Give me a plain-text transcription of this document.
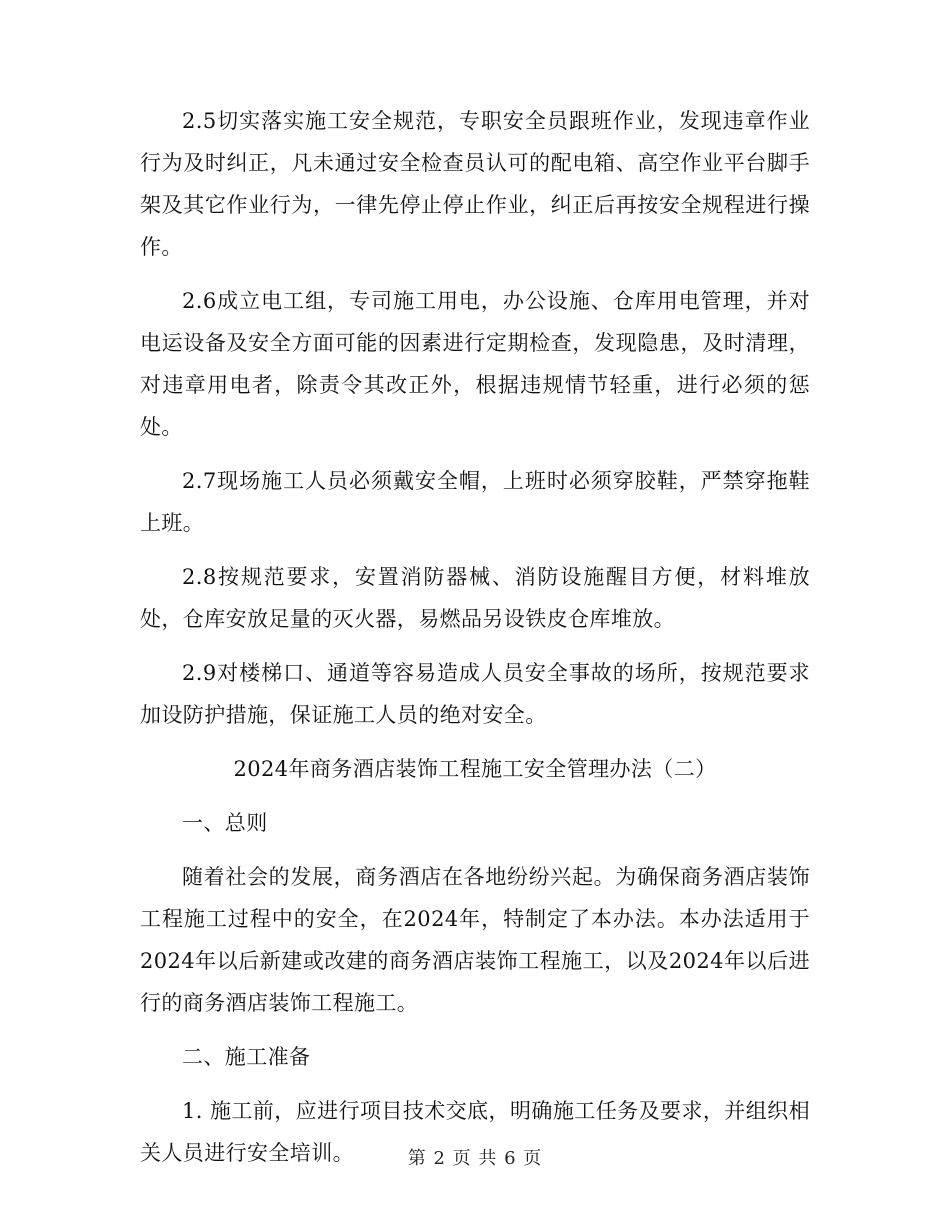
2.5切实落实施工安全规范，专职安全员跟班作业，发现违章作业行为及时纠正，凡未通过安全检查员认可的配电箱、高空作业平台脚手架及其它作业行为，一律先停止停止作业，纠正后再按安全规程进行操作。

2.6成立电工组，专司施工用电，办公设施、仓库用电管理，并对电运设备及安全方面可能的因素进行定期检查，发现隐患，及时清理，对违章用电者，除责令其改正外，根据违规情节轻重，进行必须的惩处。

2.7现场施工人员必须戴安全帽，上班时必须穿胶鞋，严禁穿拖鞋上班。

2.8按规范要求，安置消防器械、消防设施醒目方便，材料堆放处，仓库安放足量的灭火器，易燃品另设铁皮仓库堆放。

2.9对楼梯口、通道等容易造成人员安全事故的场所，按规范要求加设防护措施，保证施工人员的绝对安全。

2024年商务酒店装饰工程施工安全管理办法（二）

一、总则

随着社会的发展，商务酒店在各地纷纷兴起。为确保商务酒店装饰工程施工过程中的安全，在2024年，特制定了本办法。本办法适用于2024年以后新建或改建的商务酒店装饰工程施工，以及2024年以后进行的商务酒店装饰工程施工。

二、施工准备

1. 施工前，应进行项目技术交底，明确施工任务及要求，并组织相关人员进行安全培训。	第 2 页 共 6 页
